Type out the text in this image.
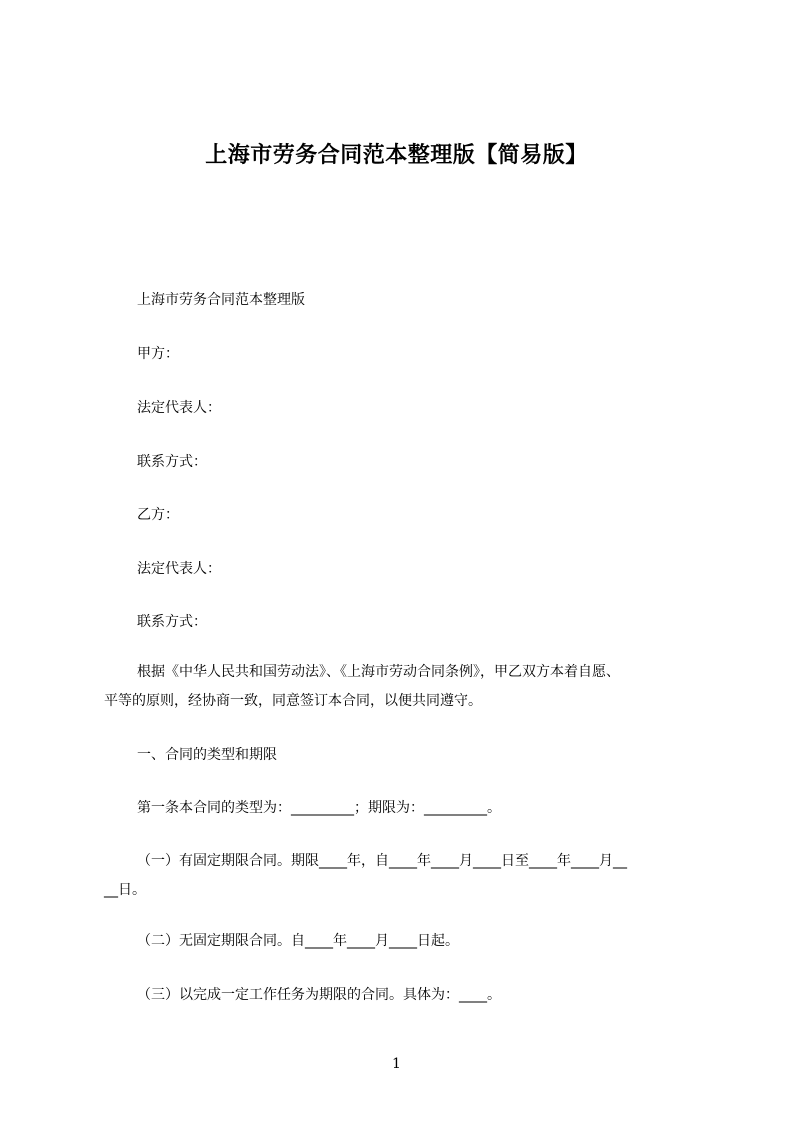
上海市劳务合同范本整理版【简易版】
上海市劳务合同范本整理版
甲方：
法定代表人：
联系方式：
乙方：
法定代表人：
联系方式：
根据《中华人民共和国劳动法》、《上海市劳动合同条例》，甲乙双方本着自愿、
平等的原则，经协商一致，同意签订本合同，以便共同遵守。
一、合同的类型和期限
第一条本合同的类型为：_________；期限为：_________。
（一）有固定期限合同。期限____年，自____年____月____日至____年____月__
__日。
（二）无固定期限合同。自____年____月____日起。
（三）以完成一定工作任务为期限的合同。具体为：____。
1
